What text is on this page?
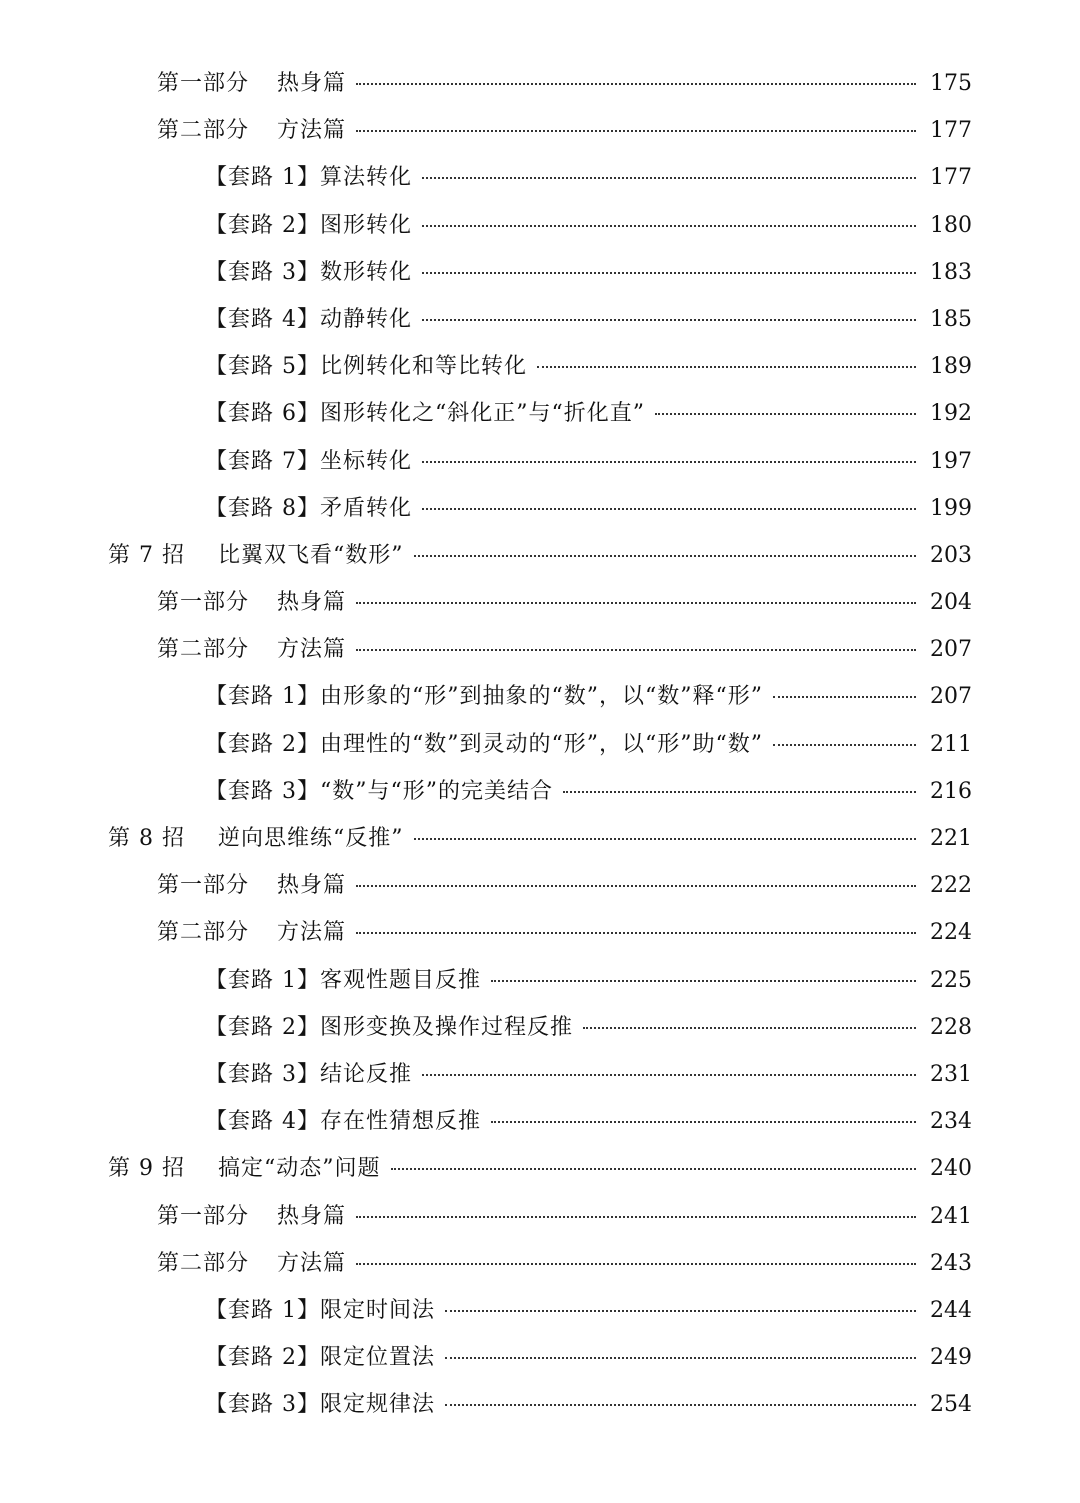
第一部分	热身篇	175
第二部分	方法篇	177
【套路 1】 算法转化	177
【套路 2】 图形转化	180
【套路 3】 数形转化	183
【套路 4】 动静转化	185
【套路 5】 比例转化和等比转化	189
【套路 6】 图形转化之“斜化正”与“折化直”	192
【套路 7】 坐标转化	197
【套路 8】 矛盾转化	199
第 7 招	比翼双飞看“数形”	203
第一部分	热身篇	204
第二部分	方法篇	207
【套路 1】 由形象的“形”到抽象的“数”，以“数”释“形”	207
【套路 2】 由理性的“数”到灵动的“形”，以“形”助“数”	211
【套路 3】 “数”与“形”的完美结合	216
第 8 招	逆向思维练“反推”	221
第一部分	热身篇	222
第二部分	方法篇	224
【套路 1】 客观性题目反推	225
【套路 2】 图形变换及操作过程反推	228
【套路 3】 结论反推	231
【套路 4】 存在性猜想反推	234
第 9 招	搞定“动态”问题	240
第一部分	热身篇	241
第二部分	方法篇	243
【套路 1】 限定时间法	244
【套路 2】 限定位置法	249
【套路 3】 限定规律法	254
